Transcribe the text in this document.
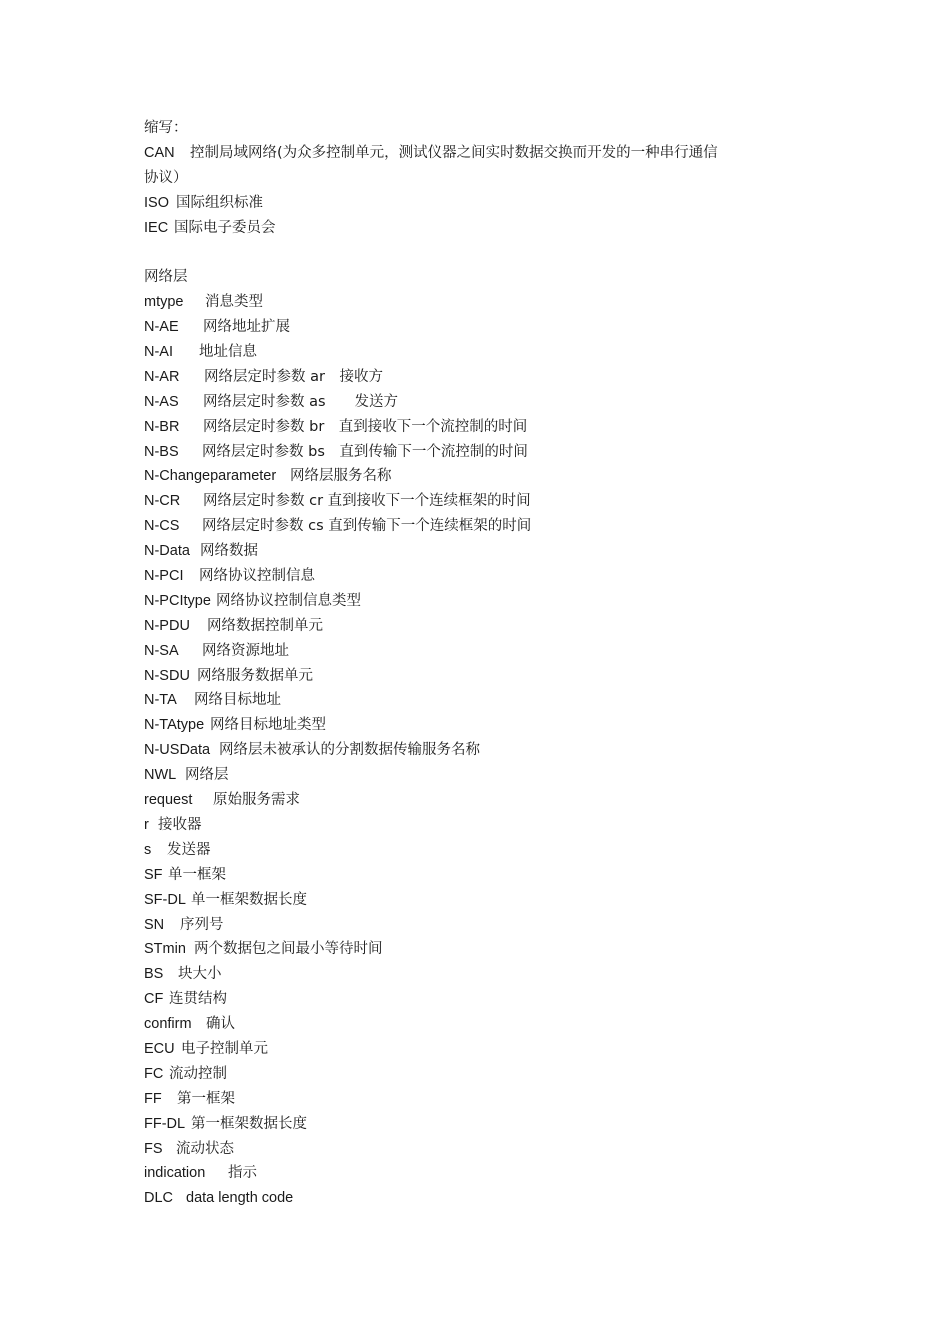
缩写：
CAN	控制局域网络(为众多控制单元，测试仪器之间实时数据交换而开发的一种串行通信
协议）
ISO 国际组织标准
IEC 国际电子委员会
网络层
mtype	消息类型
N-AE	网络地址扩展
N-AI	地址信息
N-AR	网络层定时参数 ar　接收方
N-AS	网络层定时参数 as　　发送方
N-BR	网络层定时参数 br　直到接收下一个流控制的时间
N-BS	网络层定时参数 bs　直到传输下一个流控制的时间
N-Changeparameter 网络层服务名称
N-CR	网络层定时参数 cr 直到接收下一个连续框架的时间
N-CS	网络层定时参数 cs 直到传输下一个连续框架的时间
N-Data 网络数据
N-PCI	网络协议控制信息
N-PCItype 网络协议控制信息类型
N-PDU	网络数据控制单元
N-SA	网络资源地址
N-SDU 网络服务数据单元
N-TA	网络目标地址
N-TAtype 网络目标地址类型
N-USData 网络层未被承认的分割数据传输服务名称
NWL 网络层
request	原始服务需求
r 接收器
s	发送器
SF 单一框架
SF-DL 单一框架数据长度
SN	序列号
STmin 两个数据包之间最小等待时间
BS	块大小
CF 连贯结构
confirm 确认
ECU 电子控制单元
FC 流动控制
FF	第一框架
FF-DL 第一框架数据长度
FS 流动状态
indication	指示
DLC data length code
